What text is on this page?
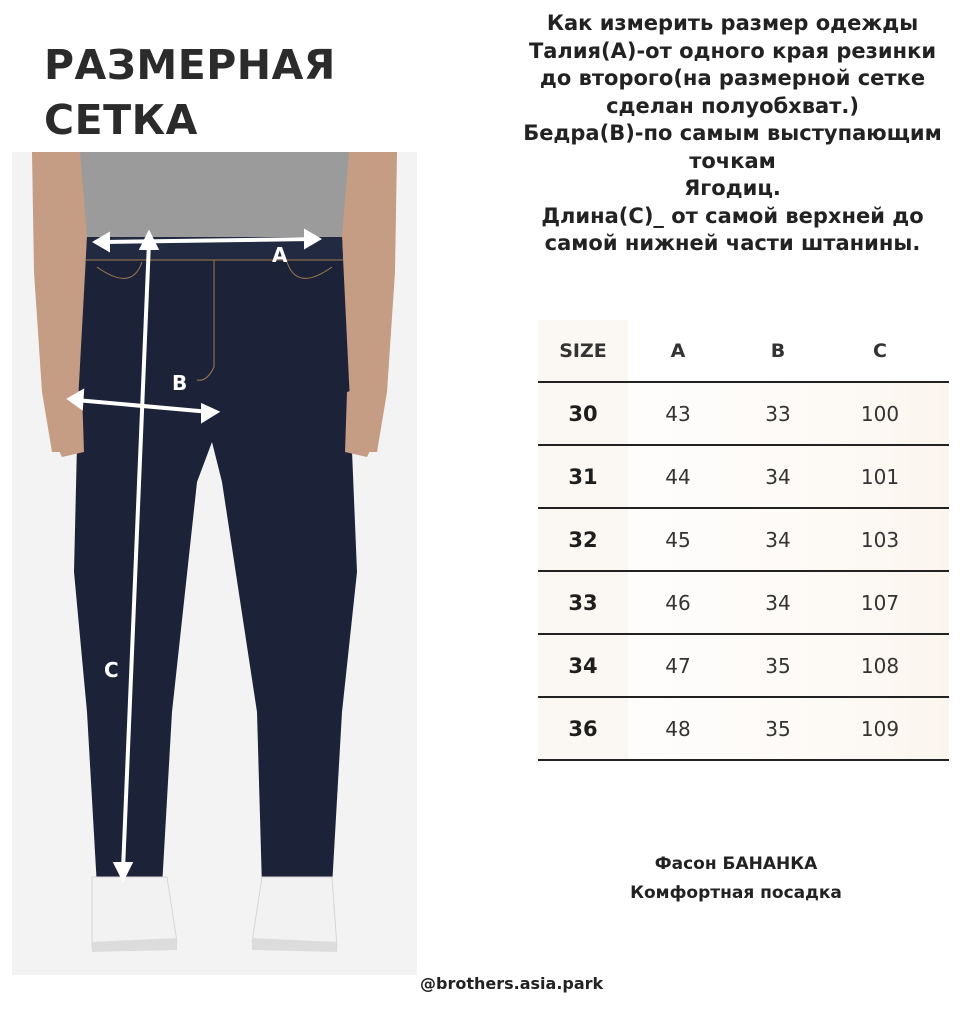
РАЗМЕРНАЯ
СЕТКА
Как измерить размер одежды
Талия(A)-от одного края резинки
до второго(на размерной сетке
сделан полуобхват.)
Бедра(В)-по самым выступающим
точкам
Ягодиц.
Длина(С)_ от самой верхней до
самой нижней части штанины.
A
B
C
SIZE	A	B	C
30	43	33	100
31	44	34	101
32	45	34	103
33	46	34	107
34	47	35	108
36	48	35	109
Фасон БАНАНКА
Комфортная посадка
@brothers.asia.park
